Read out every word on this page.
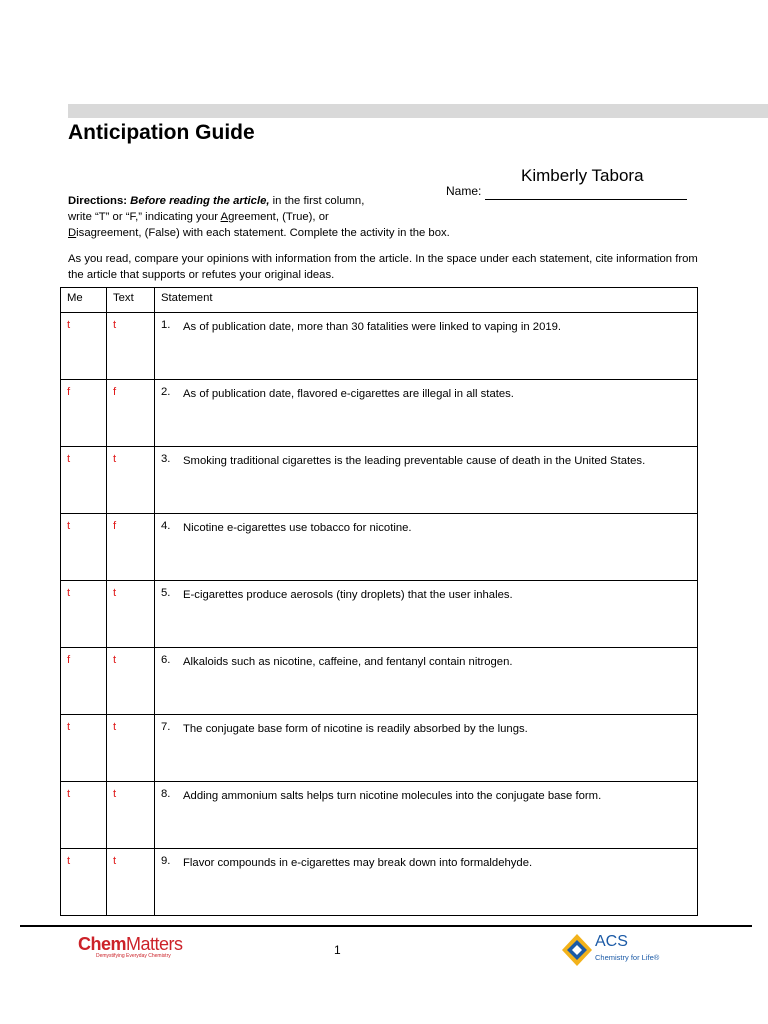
Anticipation Guide
Kimberly Tabora
Name:

Directions: Before reading the article, in the first column,

write “T” or “F,” indicating your Agreement, (True), or

Disagreement, (False) with each statement. Complete the activity in the box.

As you read, compare your opinions with information from the article. In the space under each statement, cite information from the article that supports or refutes your original ideas.
Me	Text	Statement
t	t	1. As of publication date, more than 30 fatalities were linked to vaping in 2019.

f	f	2. As of publication date, flavored e-cigarettes are illegal in all states.

t	t	3. Smoking traditional cigarettes is the leading preventable cause of death in the United States.

t	f	4. Nicotine e-cigarettes use tobacco for nicotine.

t	t	5. E-cigarettes produce aerosols (tiny droplets) that the user inhales.

f	t	6. Alkaloids such as nicotine, caffeine, and fentanyl contain nitrogen.

t	t	7. The conjugate base form of nicotine is readily absorbed by the lungs.

t	t	8. Adding ammonium salts helps turn nicotine molecules into the conjugate base form.

t	t	9. Flavor compounds in e-cigarettes may break down into formaldehyde.
ChemMatters
Demystifying Everyday Chemistry	1	ACS
Chemistry for Life®
